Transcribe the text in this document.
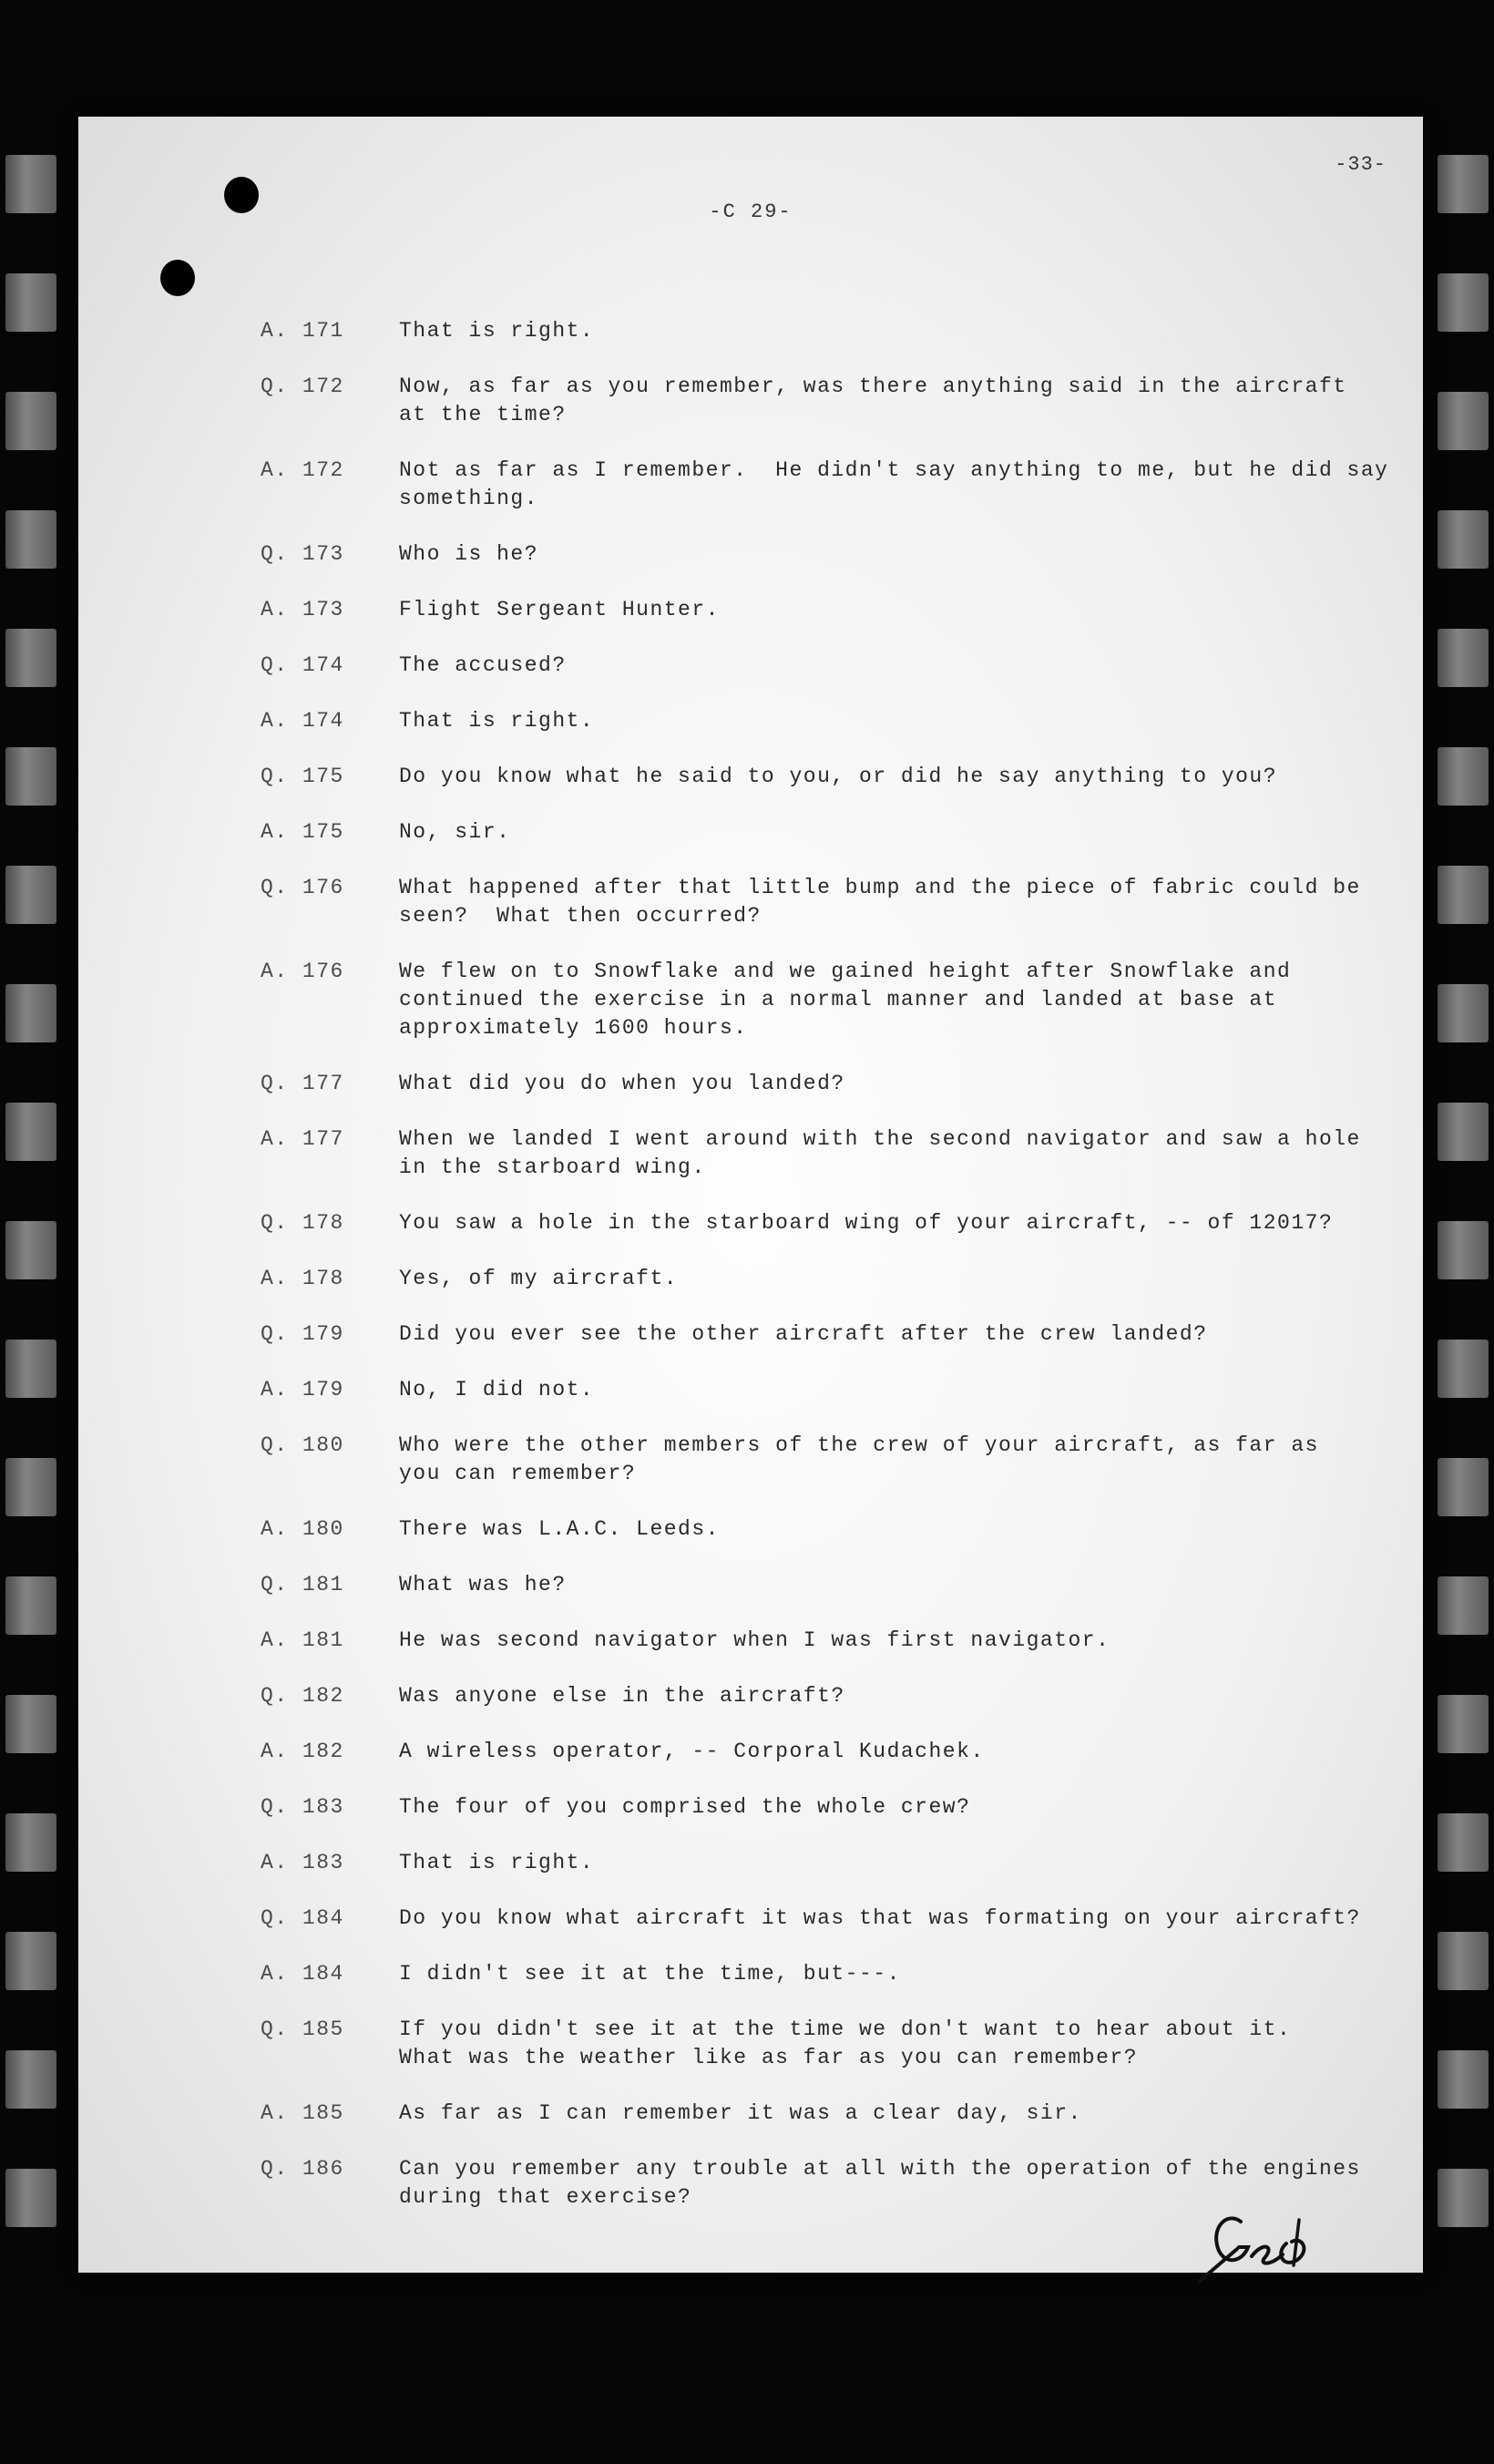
-33-
-C 29-
A. 171	That is right.
Q. 172	Now, as far as you remember, was there anything said in the aircraft
at the time?
A. 172	Not as far as I remember.  He didn't say anything to me, but he did say
something.
Q. 173	Who is he?
A. 173	Flight Sergeant Hunter.
Q. 174	The accused?
A. 174	That is right.
Q. 175	Do you know what he said to you, or did he say anything to you?
A. 175	No, sir.
Q. 176	What happened after that little bump and the piece of fabric could be
seen?  What then occurred?
A. 176	We flew on to Snowflake and we gained height after Snowflake and
continued the exercise in a normal manner and landed at base at
approximately 1600 hours.
Q. 177	What did you do when you landed?
A. 177	When we landed I went around with the second navigator and saw a hole
in the starboard wing.
Q. 178	You saw a hole in the starboard wing of your aircraft, -- of 12017?
A. 178	Yes, of my aircraft.
Q. 179	Did you ever see the other aircraft after the crew landed?
A. 179	No, I did not.
Q. 180	Who were the other members of the crew of your aircraft, as far as
you can remember?
A. 180	There was L.A.C. Leeds.
Q. 181	What was he?
A. 181	He was second navigator when I was first navigator.
Q. 182	Was anyone else in the aircraft?
A. 182	A wireless operator, -- Corporal Kudachek.
Q. 183	The four of you comprised the whole crew?
A. 183	That is right.
Q. 184	Do you know what aircraft it was that was formating on your aircraft?
A. 184	I didn't see it at the time, but---.
Q. 185	If you didn't see it at the time we don't want to hear about it.
What was the weather like as far as you can remember?
A. 185	As far as I can remember it was a clear day, sir.
Q. 186	Can you remember any trouble at all with the operation of the engines
during that exercise?
